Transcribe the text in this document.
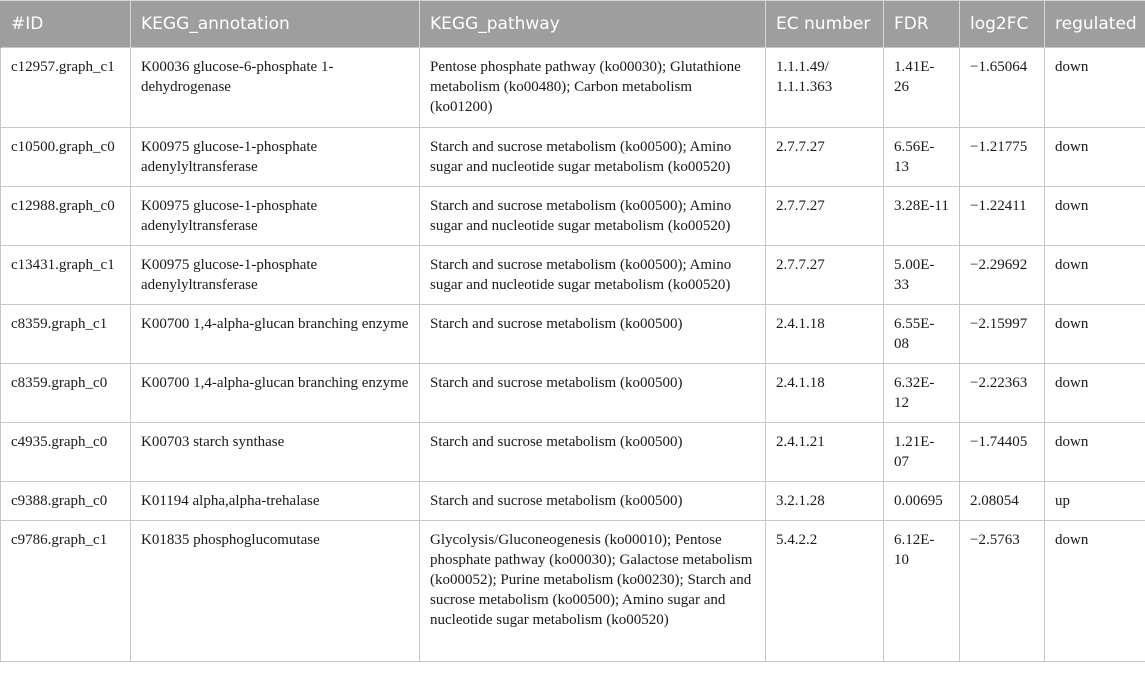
#ID	KEGG_annotation	KEGG_pathway	EC number	FDR	log2FC	regulated
c12957.graph_c1	K00036 glucose-6-phosphate 1-dehydrogenase	Pentose phosphate pathway (ko00030); Glutathione metabolism (ko00480); Carbon metabolism (ko01200)	1.1.1.49/ 1.1.1.363	1.41E-26	−1.65064	down
c10500.graph_c0	K00975 glucose-1-phosphate adenylyltransferase	Starch and sucrose metabolism (ko00500); Amino sugar and nucleotide sugar metabolism (ko00520)	2.7.7.27	6.56E-13	−1.21775	down
c12988.graph_c0	K00975 glucose-1-phosphate adenylyltransferase	Starch and sucrose metabolism (ko00500); Amino sugar and nucleotide sugar metabolism (ko00520)	2.7.7.27	3.28E-11	−1.22411	down
c13431.graph_c1	K00975 glucose-1-phosphate adenylyltransferase	Starch and sucrose metabolism (ko00500); Amino sugar and nucleotide sugar metabolism (ko00520)	2.7.7.27	5.00E-33	−2.29692	down
c8359.graph_c1	K00700 1,4-alpha-glucan branching enzyme	Starch and sucrose metabolism (ko00500)	2.4.1.18	6.55E-08	−2.15997	down
c8359.graph_c0	K00700 1,4-alpha-glucan branching enzyme	Starch and sucrose metabolism (ko00500)	2.4.1.18	6.32E-12	−2.22363	down
c4935.graph_c0	K00703 starch synthase	Starch and sucrose metabolism (ko00500)	2.4.1.21	1.21E-07	−1.74405	down
c9388.graph_c0	K01194 alpha,alpha-trehalase	Starch and sucrose metabolism (ko00500)	3.2.1.28	0.00695	2.08054	up
c9786.graph_c1	K01835 phosphoglucomutase	Glycolysis/Gluconeogenesis (ko00010); Pentose phosphate pathway (ko00030); Galactose metabolism (ko00052); Purine metabolism (ko00230); Starch and sucrose metabolism (ko00500); Amino sugar and nucleotide sugar metabolism (ko00520)	5.4.2.2	6.12E-10	−2.5763	down
